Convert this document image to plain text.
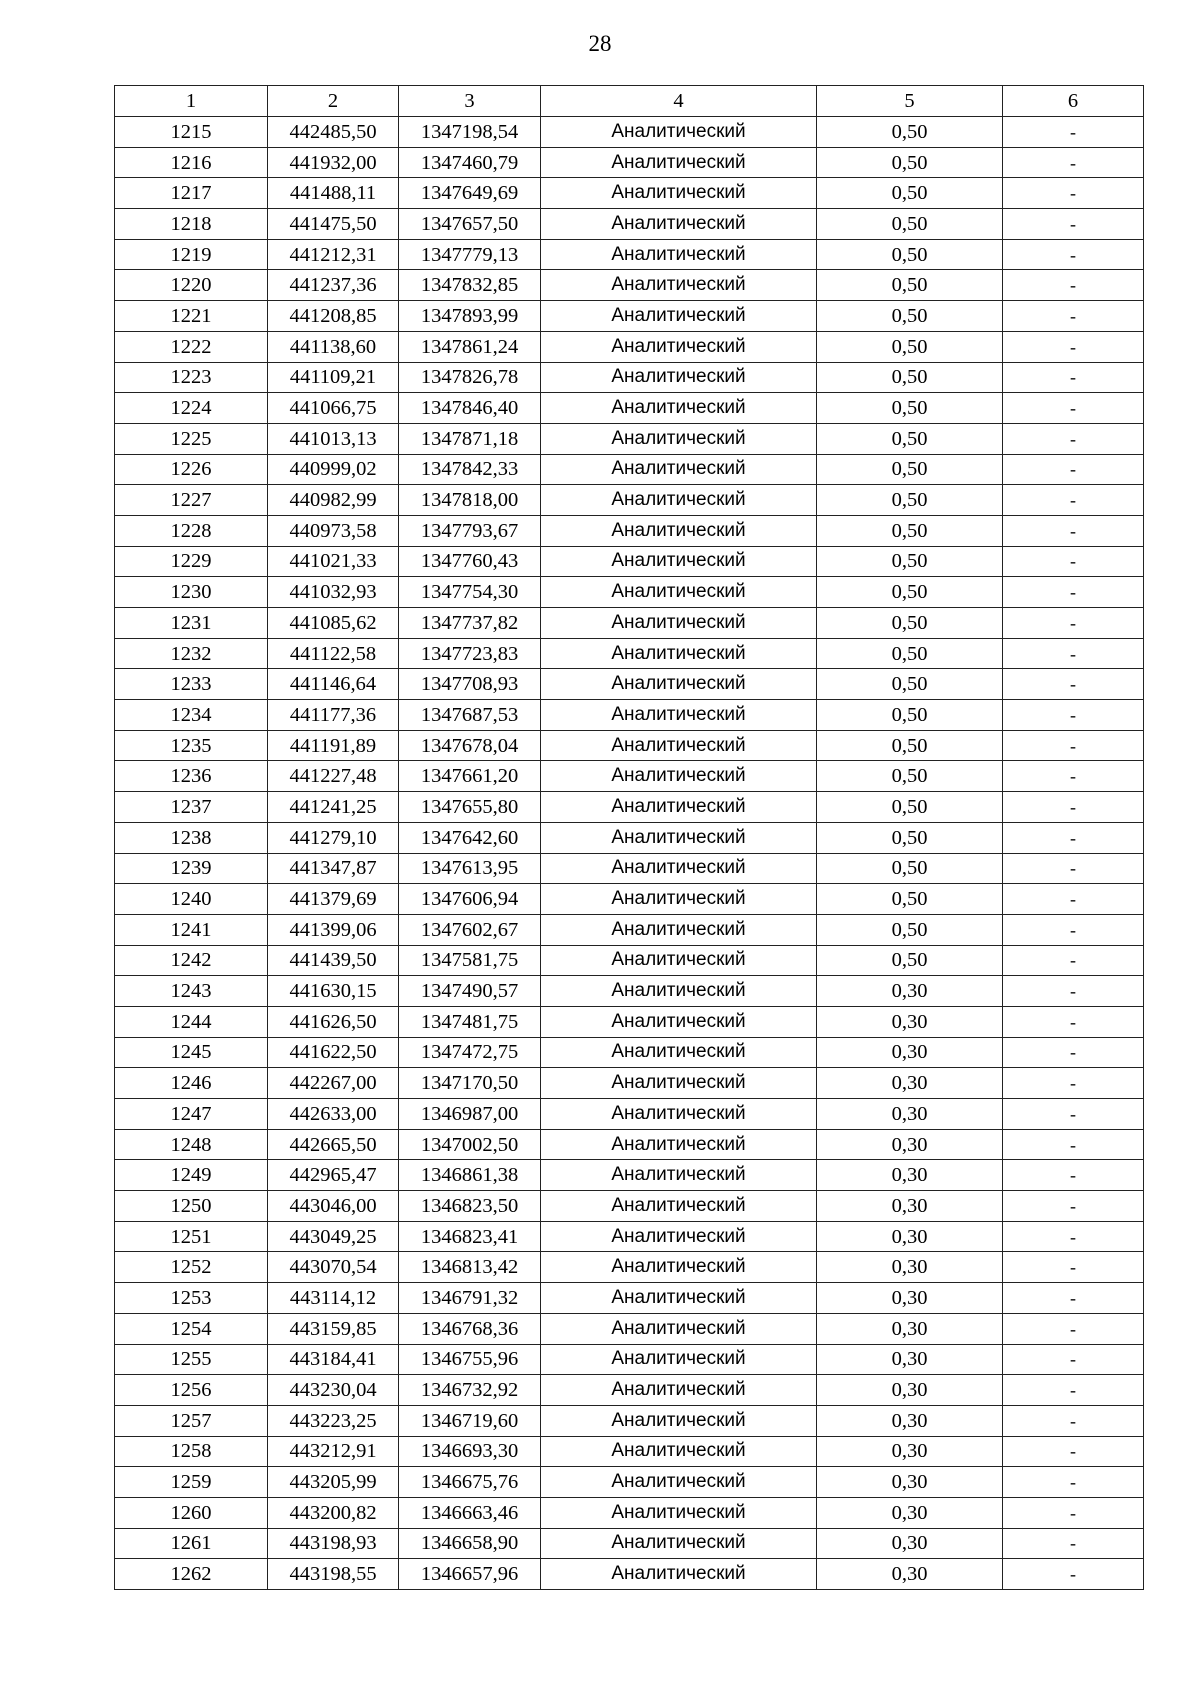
28
1	2	3	4	5	6
1215	442485,50	1347198,54	Аналитический	0,50	-
1216	441932,00	1347460,79	Аналитический	0,50	-
1217	441488,11	1347649,69	Аналитический	0,50	-
1218	441475,50	1347657,50	Аналитический	0,50	-
1219	441212,31	1347779,13	Аналитический	0,50	-
1220	441237,36	1347832,85	Аналитический	0,50	-
1221	441208,85	1347893,99	Аналитический	0,50	-
1222	441138,60	1347861,24	Аналитический	0,50	-
1223	441109,21	1347826,78	Аналитический	0,50	-
1224	441066,75	1347846,40	Аналитический	0,50	-
1225	441013,13	1347871,18	Аналитический	0,50	-
1226	440999,02	1347842,33	Аналитический	0,50	-
1227	440982,99	1347818,00	Аналитический	0,50	-
1228	440973,58	1347793,67	Аналитический	0,50	-
1229	441021,33	1347760,43	Аналитический	0,50	-
1230	441032,93	1347754,30	Аналитический	0,50	-
1231	441085,62	1347737,82	Аналитический	0,50	-
1232	441122,58	1347723,83	Аналитический	0,50	-
1233	441146,64	1347708,93	Аналитический	0,50	-
1234	441177,36	1347687,53	Аналитический	0,50	-
1235	441191,89	1347678,04	Аналитический	0,50	-
1236	441227,48	1347661,20	Аналитический	0,50	-
1237	441241,25	1347655,80	Аналитический	0,50	-
1238	441279,10	1347642,60	Аналитический	0,50	-
1239	441347,87	1347613,95	Аналитический	0,50	-
1240	441379,69	1347606,94	Аналитический	0,50	-
1241	441399,06	1347602,67	Аналитический	0,50	-
1242	441439,50	1347581,75	Аналитический	0,50	-
1243	441630,15	1347490,57	Аналитический	0,30	-
1244	441626,50	1347481,75	Аналитический	0,30	-
1245	441622,50	1347472,75	Аналитический	0,30	-
1246	442267,00	1347170,50	Аналитический	0,30	-
1247	442633,00	1346987,00	Аналитический	0,30	-
1248	442665,50	1347002,50	Аналитический	0,30	-
1249	442965,47	1346861,38	Аналитический	0,30	-
1250	443046,00	1346823,50	Аналитический	0,30	-
1251	443049,25	1346823,41	Аналитический	0,30	-
1252	443070,54	1346813,42	Аналитический	0,30	-
1253	443114,12	1346791,32	Аналитический	0,30	-
1254	443159,85	1346768,36	Аналитический	0,30	-
1255	443184,41	1346755,96	Аналитический	0,30	-
1256	443230,04	1346732,92	Аналитический	0,30	-
1257	443223,25	1346719,60	Аналитический	0,30	-
1258	443212,91	1346693,30	Аналитический	0,30	-
1259	443205,99	1346675,76	Аналитический	0,30	-
1260	443200,82	1346663,46	Аналитический	0,30	-
1261	443198,93	1346658,90	Аналитический	0,30	-
1262	443198,55	1346657,96	Аналитический	0,30	-
